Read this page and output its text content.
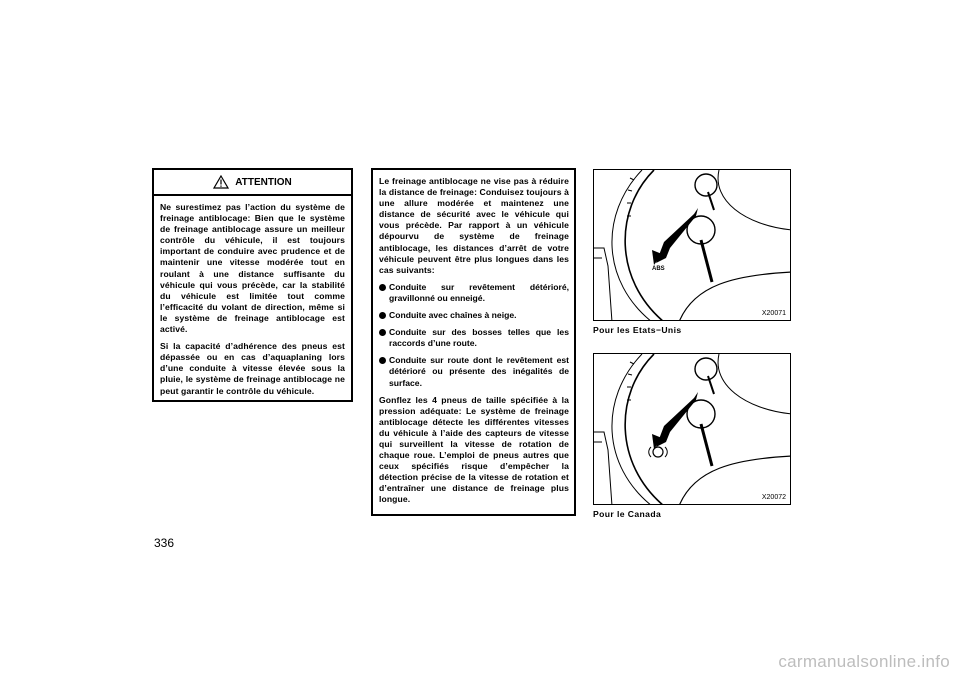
ATTENTION

Ne surestimez pas l’action du système de freinage antiblocage: Bien que le système de freinage antiblocage assure un meilleur contrôle du véhicule, il est toujours important de conduire avec prudence et de maintenir une vitesse modérée tout en roulant à une distance suffisante du véhicule qui vous précède, car la stabilité du véhicule est limitée tout comme l’efficacité du volant de direction, même si le système de freinage antiblocage est activé.

Si la capacité d’adhérence des pneus est dépassée ou en cas d’aquaplaning lors d’une conduite à vitesse élevée sous la pluie, le système de freinage antiblocage ne peut garantir le contrôle du véhicule.

Le freinage antiblocage ne vise pas à réduire la distance de freinage: Conduisez toujours à une allure modérée et maintenez une distance de sécurité avec le véhicule qui vous précède. Par rapport à un véhicule dépourvu de système de freinage antiblocage, les distances d’arrêt de votre véhicule peuvent être plus longues dans les cas suivants:

Conduite sur revêtement détérioré, gravillonné ou enneigé.
Conduite avec chaînes à neige.
Conduite sur des bosses telles que les raccords d’une route.
Conduite sur route dont le revêtement est détérioré ou présente des inégalités de surface.

Gonflez les 4 pneus de taille spécifiée à la pression adéquate: Le système de freinage antiblocage détecte les différentes vitesses du véhicule à l’aide des capteurs de vitesse qui surveillent la vitesse de rotation de chaque roue. L’emploi de pneus autres que ceux spécifiés risque d’empêcher la détection précise de la vitesse de rotation et d’entraîner une distance de freinage plus longue.

ABS
X20071
Pour les Etats−Unis
X20072
Pour le Canada
336
carmanualsonline.info
